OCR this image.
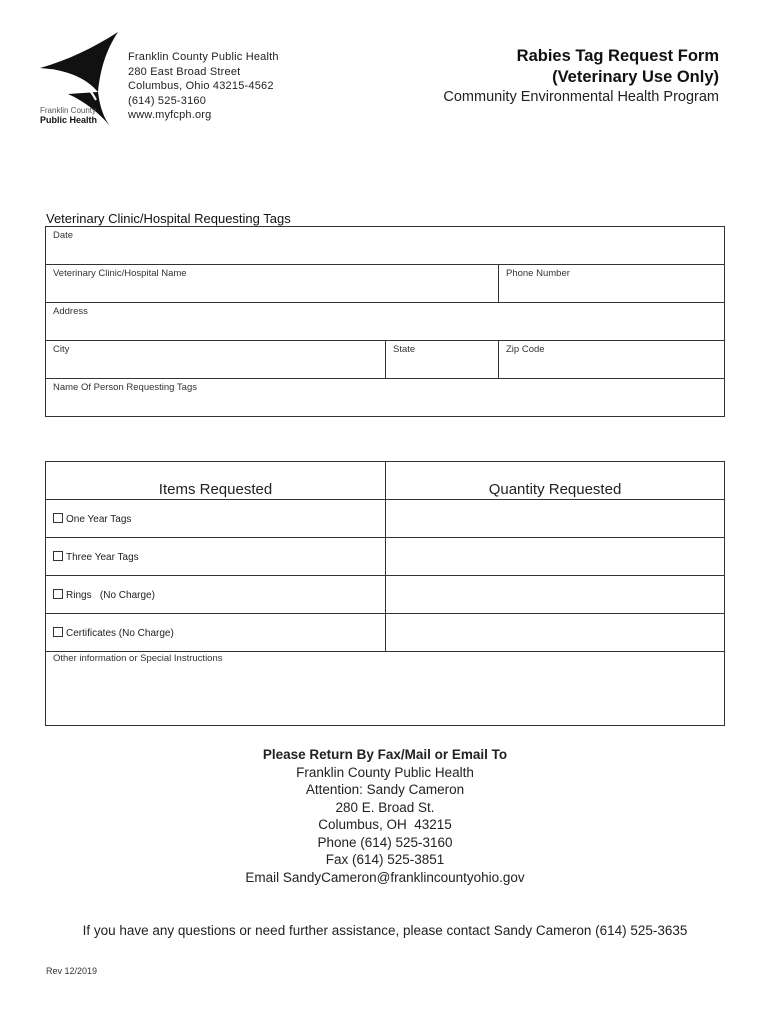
Franklin County
Public Health
Franklin County Public Health
280 East Broad Street
Columbus, Ohio 43215-4562
(614) 525-3160
www.myfcph.org
Rabies Tag Request Form
(Veterinary Use Only)
Community Environmental Health Program
Veterinary Clinic/Hospital Requesting Tags
Date
Veterinary Clinic/Hospital Name	Phone Number
Address
City	State	Zip Code
Name Of Person Requesting Tags
Items Requested	Quantity Requested
One Year Tags
Three Year Tags
Rings   (No Charge)
Certificates (No Charge)
Other information or Special Instructions
Please Return By Fax/Mail or Email To
Franklin County Public Health
Attention: Sandy Cameron
280 E. Broad St.
Columbus, OH  43215
Phone (614) 525-3160
Fax (614) 525-3851
Email SandyCameron@franklincountyohio.gov
If you have any questions or need further assistance, please contact Sandy Cameron (614) 525-3635
Rev 12/2019
